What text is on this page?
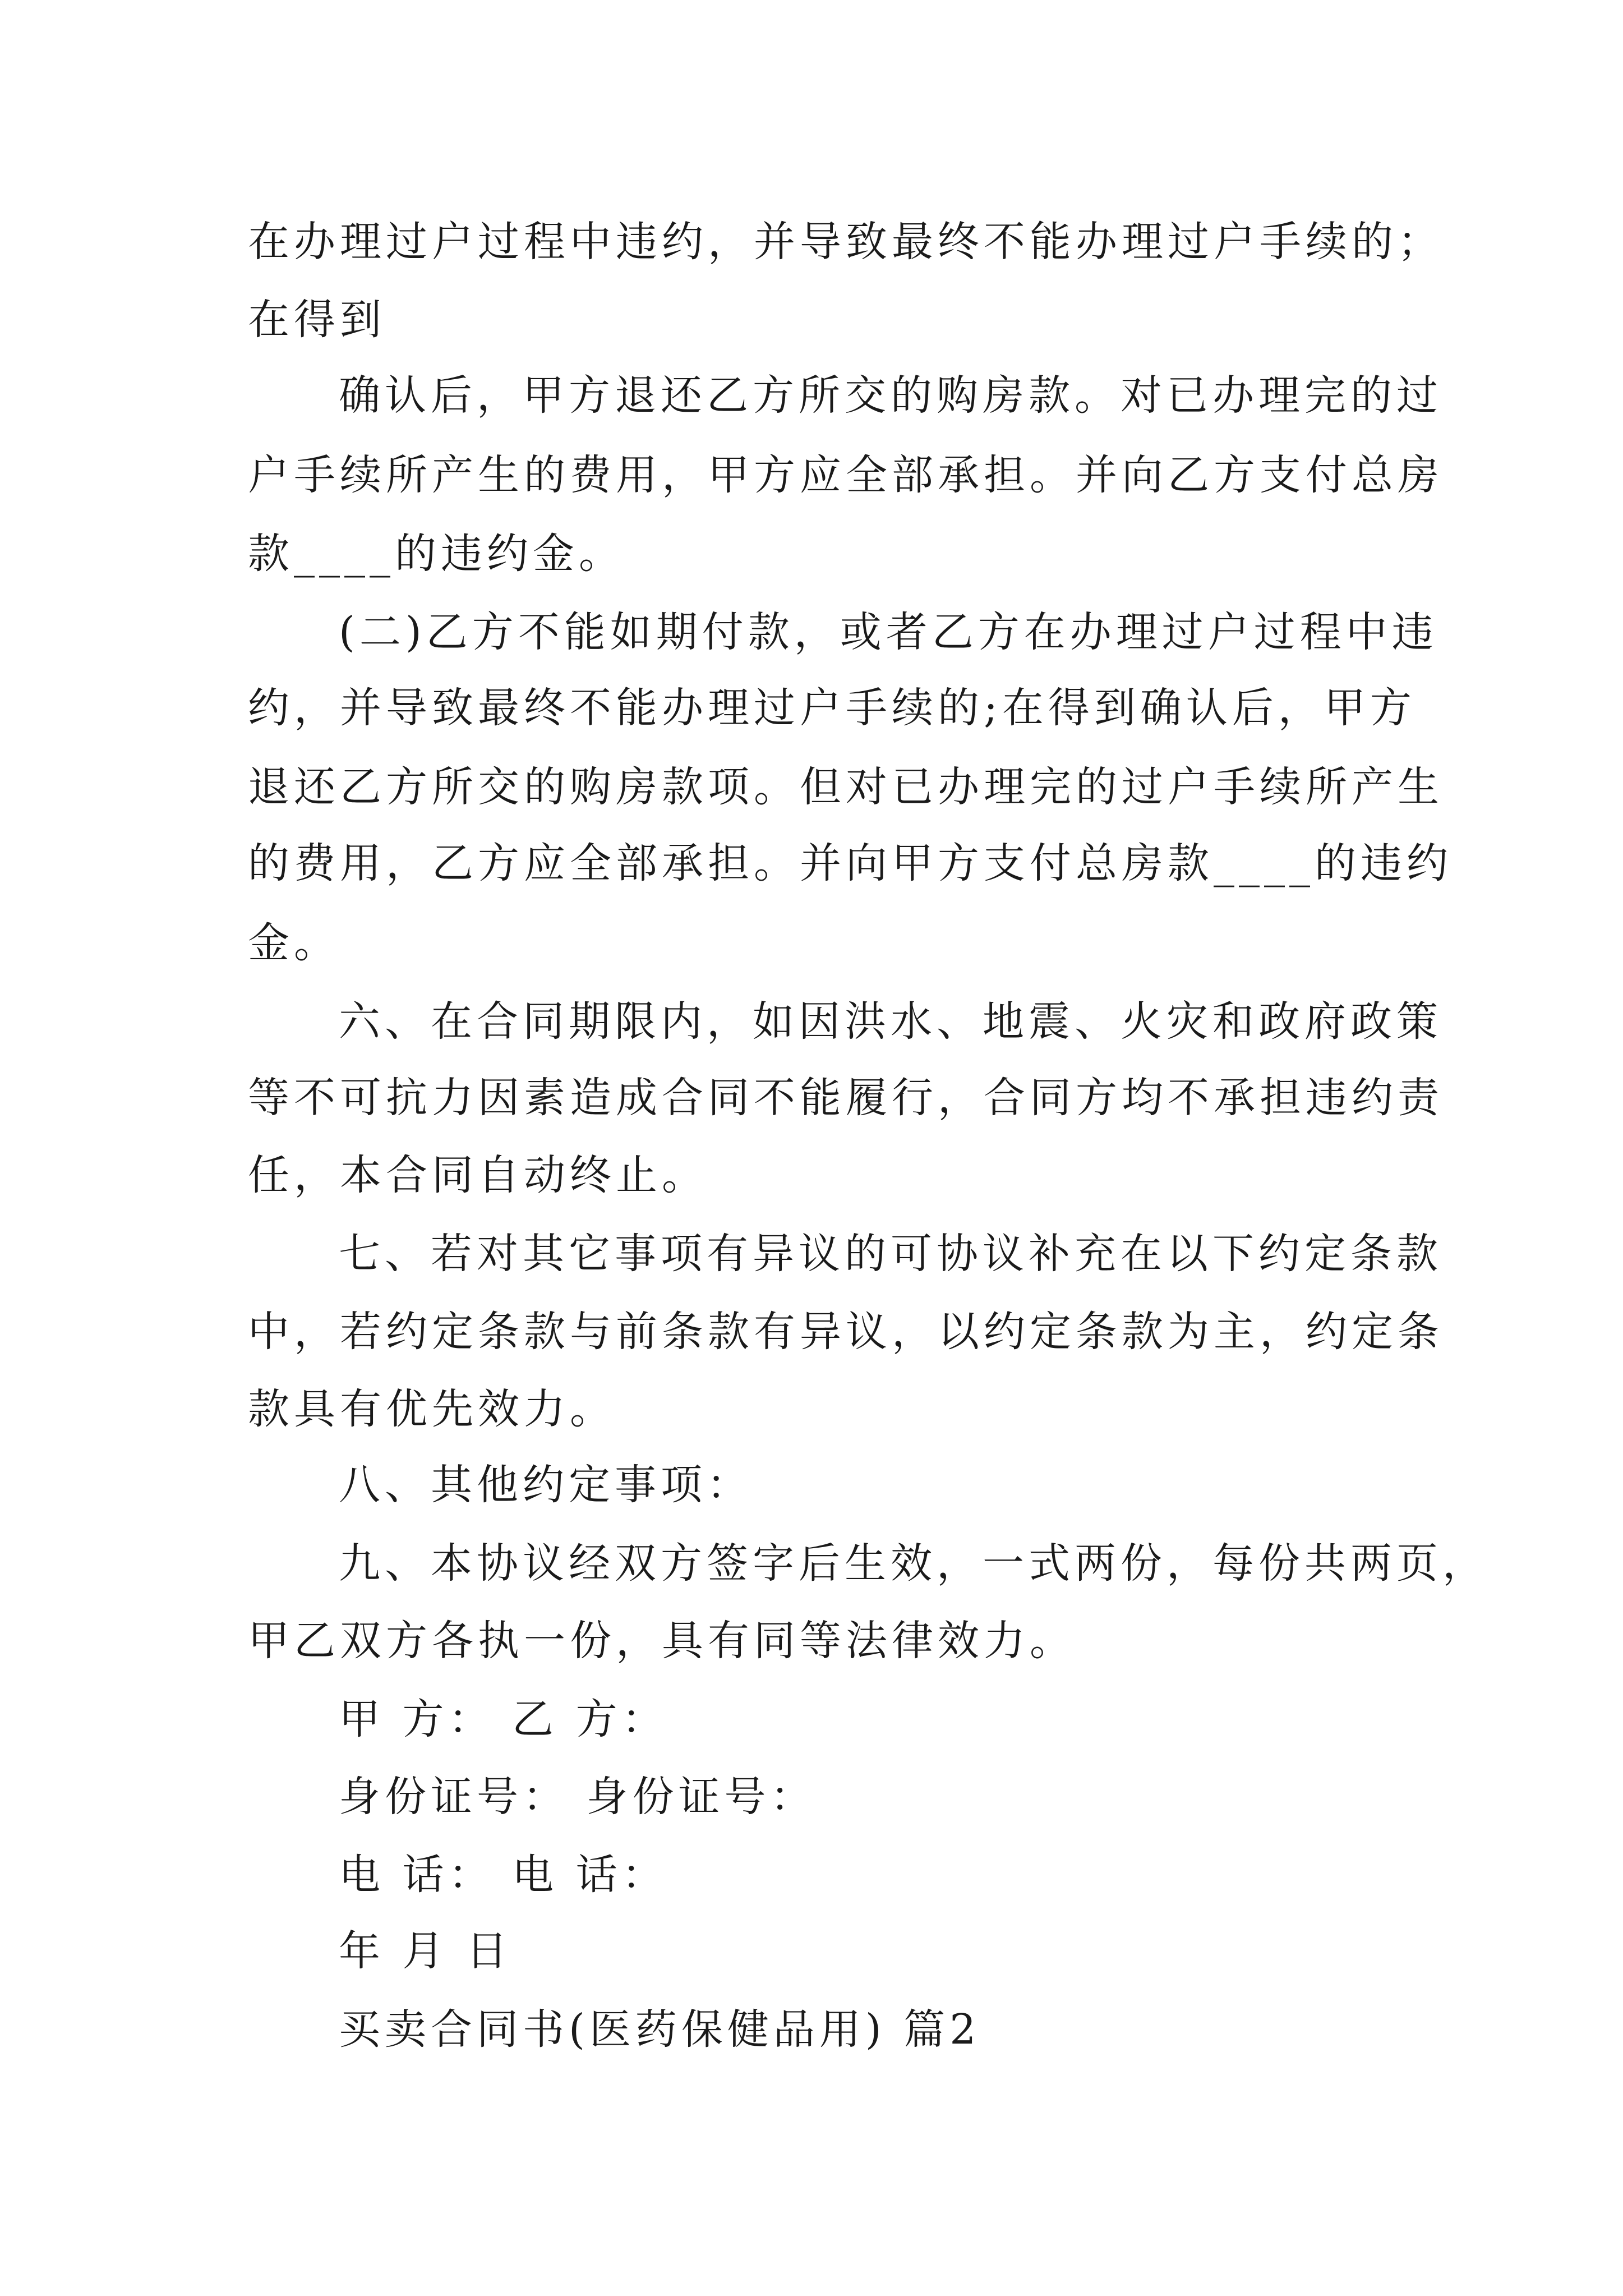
在办理过户过程中违约，并导致最终不能办理过户手续的；
在得到
确认后，甲方退还乙方所交的购房款。对已办理完的过
户手续所产生的费用，甲方应全部承担。并向乙方支付总房
款____的违约金。
(二)乙方不能如期付款，或者乙方在办理过户过程中违
约，并导致最终不能办理过户手续的;在得到确认后，甲方
退还乙方所交的购房款项。但对已办理完的过户手续所产生
的费用，乙方应全部承担。并向甲方支付总房款____的违约
金。
六、在合同期限内，如因洪水、地震、火灾和政府政策
等不可抗力因素造成合同不能履行，合同方均不承担违约责
任，本合同自动终止。
七、若对其它事项有异议的可协议补充在以下约定条款
中，若约定条款与前条款有异议，以约定条款为主，约定条
款具有优先效力。
八、其他约定事项：
九、本协议经双方签字后生效，一式两份，每份共两页，
甲乙双方各执一份，具有同等法律效力。
甲 方： 乙 方：
身份证号： 身份证号：
电 话： 电 话：
年 月 日
买卖合同书(医药保健品用) 篇2
